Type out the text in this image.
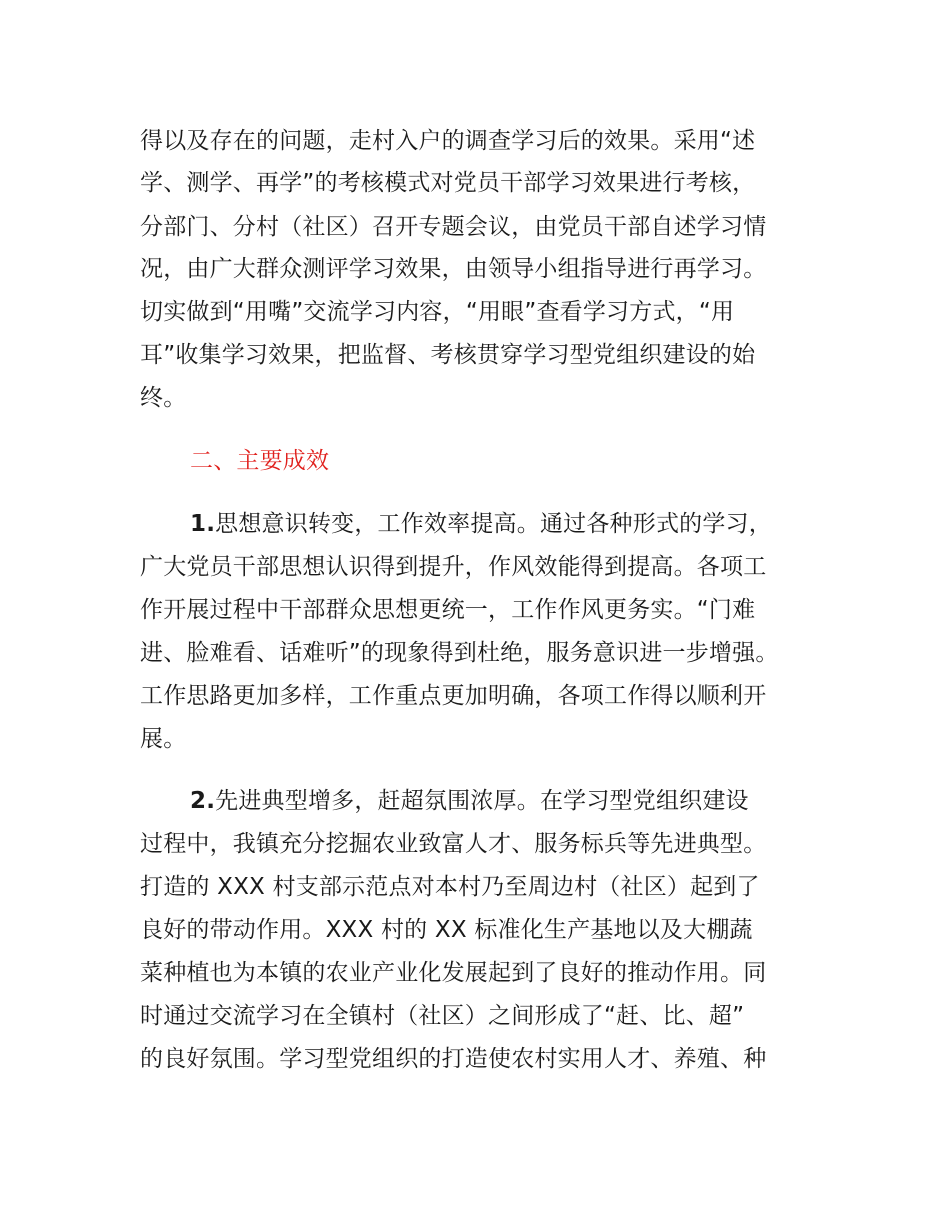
得以及存在的问题，走村入户的调查学习后的效果。采用“述
学、测学、再学”的考核模式对党员干部学习效果进行考核，
分部门、分村（社区）召开专题会议，由党员干部自述学习情
况，由广大群众测评学习效果，由领导小组指导进行再学习。
切实做到“用嘴”交流学习内容，“用眼”查看学习方式，“用
耳”收集学习效果，把监督、考核贯穿学习型党组织建设的始
终。
二、主要成效
1.思想意识转变，工作效率提高。通过各种形式的学习，
广大党员干部思想认识得到提升，作风效能得到提高。各项工
作开展过程中干部群众思想更统一，工作作风更务实。“门难
进、脸难看、话难听”的现象得到杜绝，服务意识进一步增强。
工作思路更加多样，工作重点更加明确，各项工作得以顺利开
展。
2.先进典型增多，赶超氛围浓厚。在学习型党组织建设
过程中，我镇充分挖掘农业致富人才、服务标兵等先进典型。
打造的 XXX 村支部示范点对本村乃至周边村（社区）起到了
良好的带动作用。XXX 村的 XX 标准化生产基地以及大棚蔬
菜种植也为本镇的农业产业化发展起到了良好的推动作用。同
时通过交流学习在全镇村（社区）之间形成了“赶、比、超”
的良好氛围。学习型党组织的打造使农村实用人才、养殖、种
